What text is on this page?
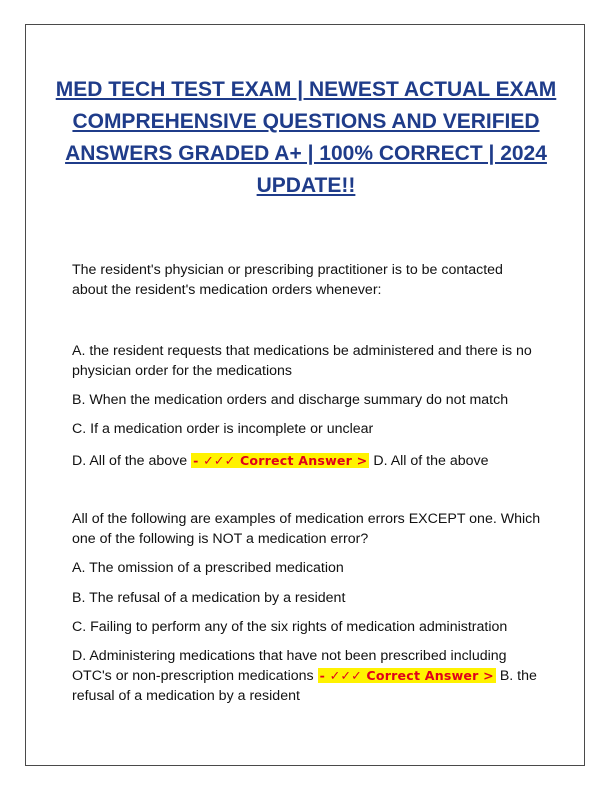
MED TECH TEST EXAM | NEWEST ACTUAL EXAM COMPREHENSIVE QUESTIONS AND VERIFIED ANSWERS GRADED A+ | 100% CORRECT | 2024 UPDATE!!

The resident's physician or prescribing practitioner is to be contacted about the resident's medication orders whenever:

A. the resident requests that medications be administered and there is no physician order for the medications

B. When the medication orders and discharge summary do not match

C. If a medication order is incomplete or unclear

D. All of the above - ✓✓✓ Correct Answer > D. All of the above

All of the following are examples of medication errors EXCEPT one. Which one of the following is NOT a medication error?

A. The omission of a prescribed medication

B. The refusal of a medication by a resident

C. Failing to perform any of the six rights of medication administration

D. Administering medications that have not been prescribed including OTC's or non-prescription medications - ✓✓✓ Correct Answer > B. the refusal of a medication by a resident
